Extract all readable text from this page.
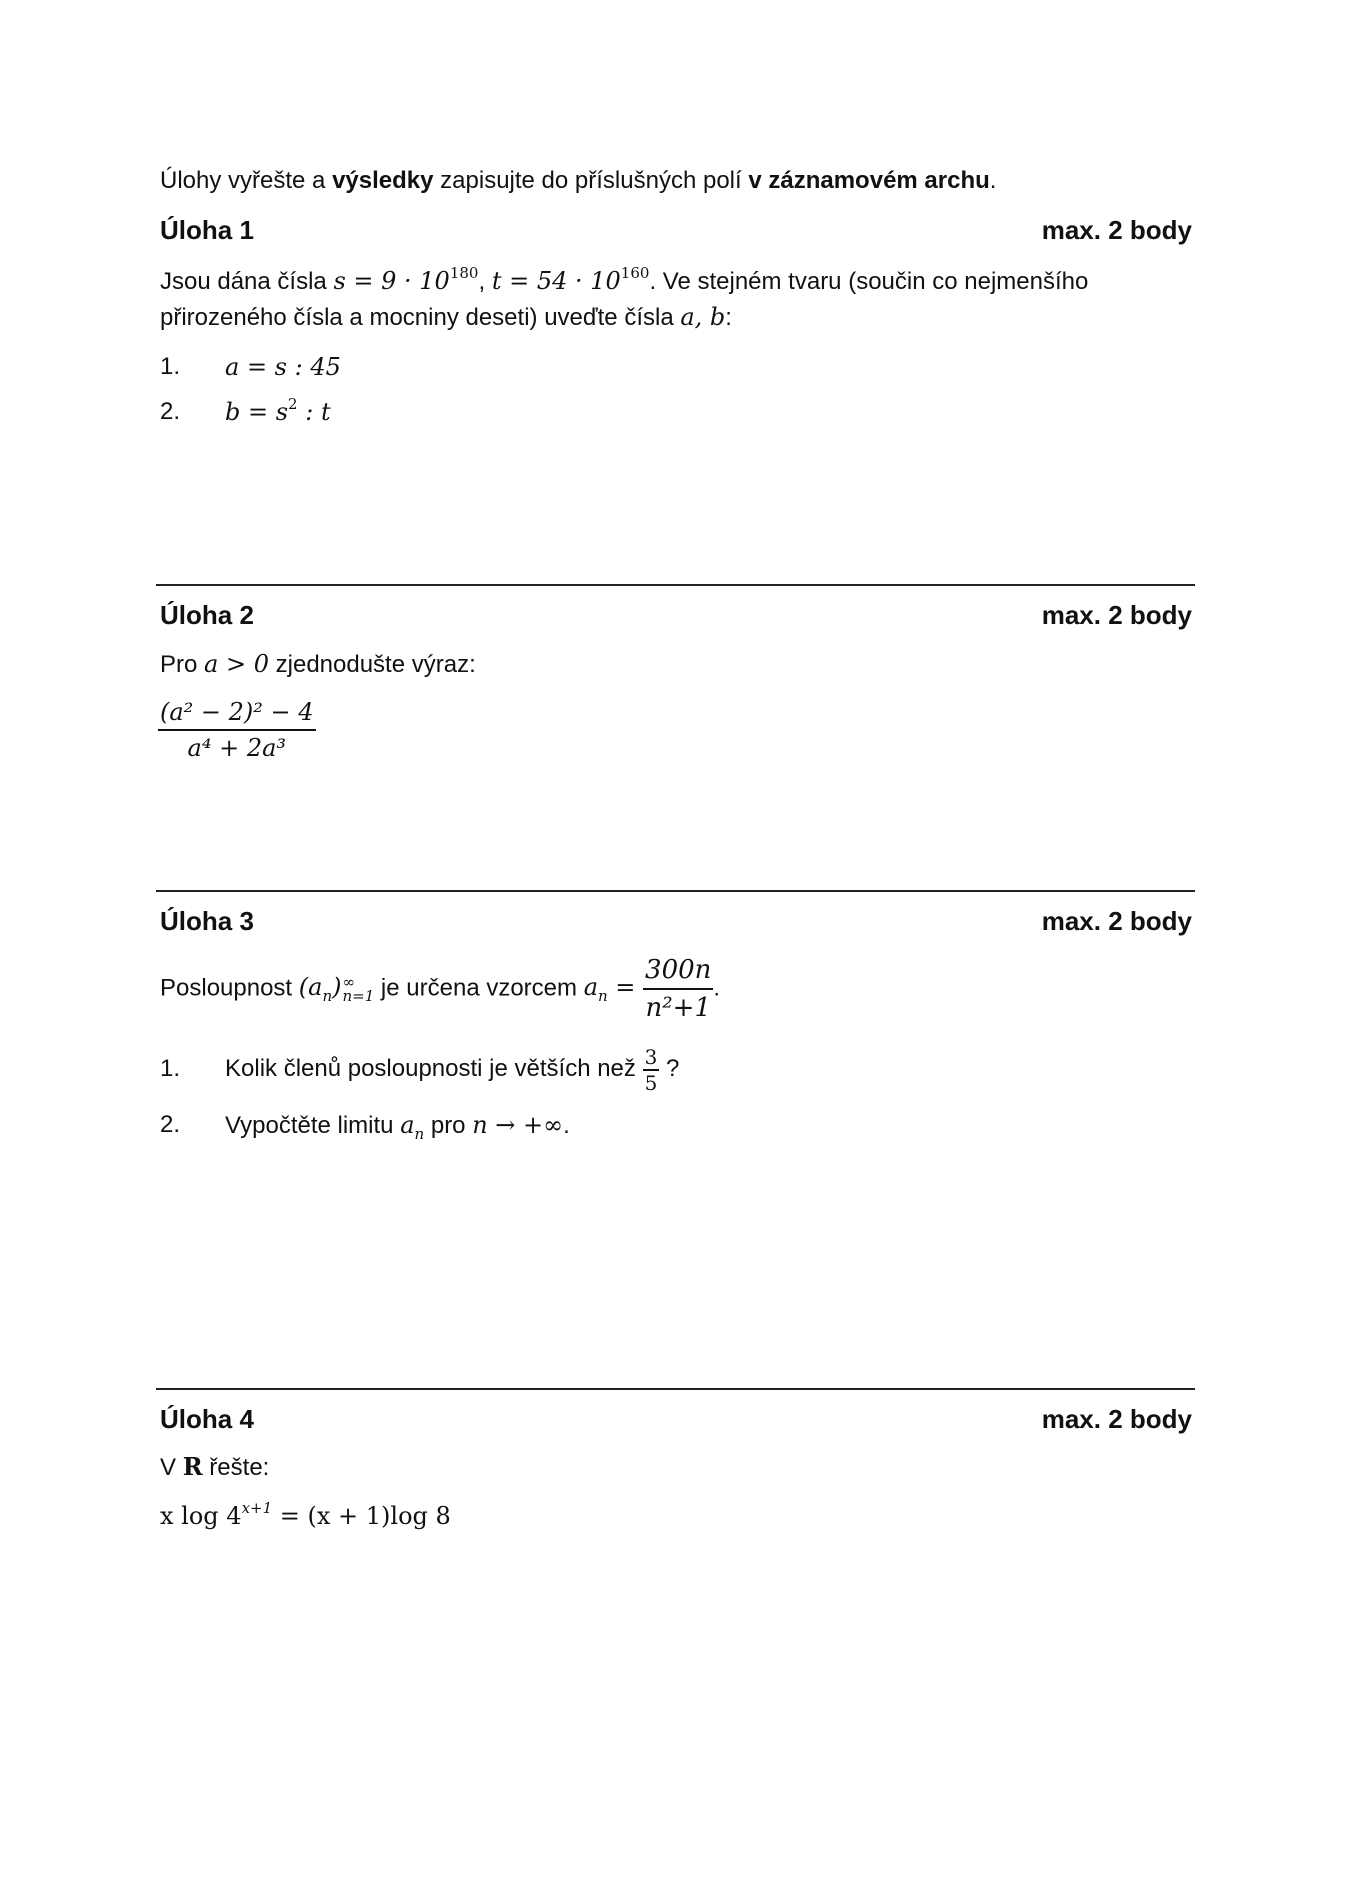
Úlohy vyřešte a výsledky zapisujte do příslušných polí v záznamovém archu.
Úloha 1	max. 2 body
Jsou dána čísla $s = 9 \cdot 10^{180}$, $t = 54 \cdot 10^{160}$. Ve stejném tvaru (součin co nejmenšího
přirozeného čísla a mocniny deseti) uveďte čísla a, b:
1. a = s : 45
2. $b = s^2$ : t
Úloha 2	max. 2 body
Pro a > 0 zjednodušte výraz:
$\frac{\text{(a² − 2)² − 4}}{\text{a⁴ + 2a³}}$
Úloha 3	max. 2 body
Posloupnost $(a_n)$ ∞
n=1 je určena vzorcem $a_n = \frac{300n}{\text{n²+1}}$ .
1. Kolik členů posloupnosti je větších než $\frac{3}{5}$ ?
2. Vypočtěte limitu $a_n$ pro n → +∞.
Úloha 4	max. 2 body
V R řešte:
x $\log 4^{x+1} = (x + 1)\log$ 8
